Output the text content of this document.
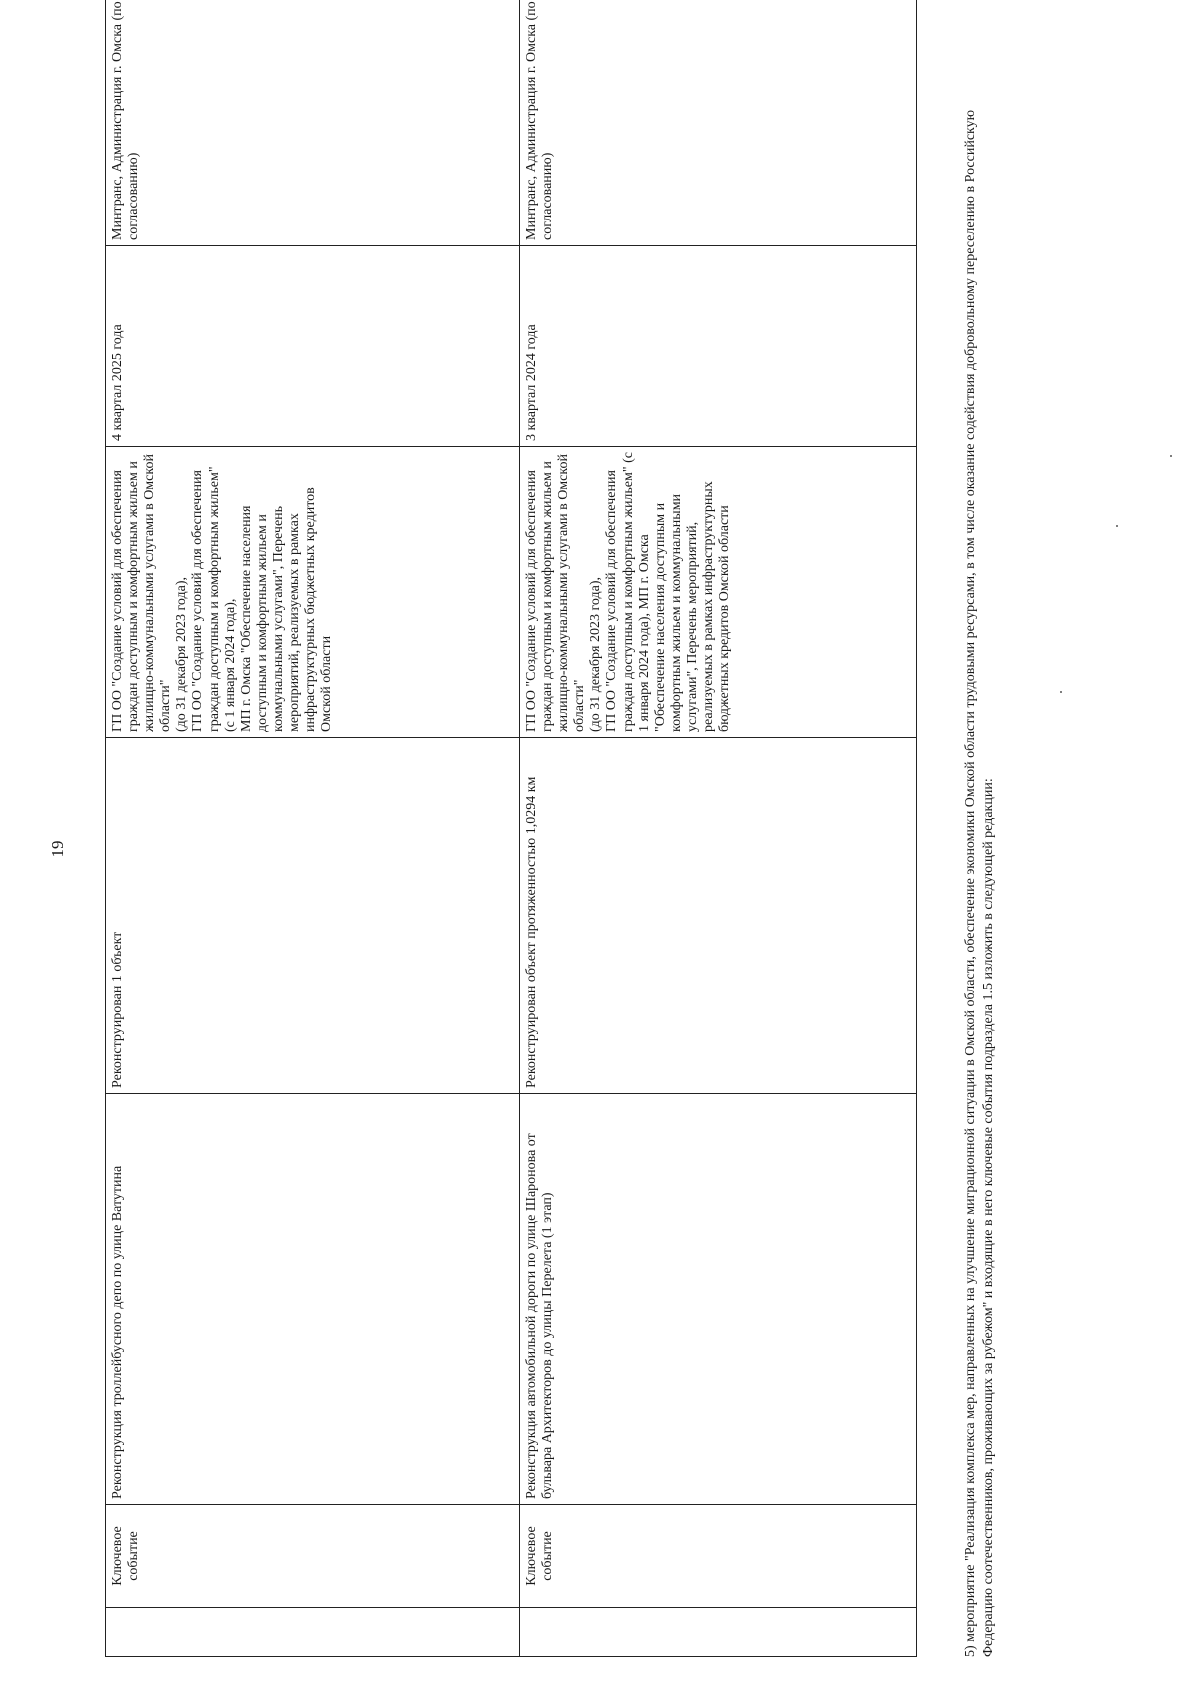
19
	Ключевое событие	Реконструкция троллейбусного депо по улице Ватутина	Реконструирован 1 объект	ГП ОО "Создание условий для обеспечения граждан доступным и комфортным жильем и жилищно-коммунальными услугами в Омской области" (до 31 декабря 2023 года), ГП ОО "Создание условий для обеспечения граждан доступным и комфортным жильем" (с 1 января 2024 года), МП г. Омска "Обеспечение населения доступным и комфортным жильем и коммунальными услугами", Перечень мероприятий, реализуемых в рамках инфраструктурных бюджетных кредитов Омской области	4 квартал 2025 года	Минтранс, Администрация г. Омска (по согласованию)
	Ключевое событие	Реконструкция автомобильной дороги по улице Шаронова от бульвара Архитекторов до улицы Перелета (1 этап)	Реконструирован объект протяженностью 1,0294 км	ГП ОО "Создание условий для обеспечения граждан доступным и комфортным жильем и жилищно-коммунальными услугами в Омской области" (до 31 декабря 2023 года), ГП ОО "Создание условий для обеспечения граждан доступным и комфортным жильем" (с 1 января 2024 года), МП г. Омска "Обеспечение населения доступным и комфортным жильем и коммунальными услугами", Перечень мероприятий, реализуемых в рамках инфраструктурных бюджетных кредитов Омской области	3 квартал 2024 года	Минтранс, Администрация г. Омска (по согласованию)	5) мероприятие "Реализация комплекса мер, направленных на улучшение миграционной ситуации в Омской области, обеспечение экономики Омской области трудовыми ресурсами, в том числе оказание содействия добровольному переселению в Российскую Федерацию соотечественников, проживающих за рубежом" и входящие в него ключевые события подраздела 1.5 изложить в следующей редакции:
